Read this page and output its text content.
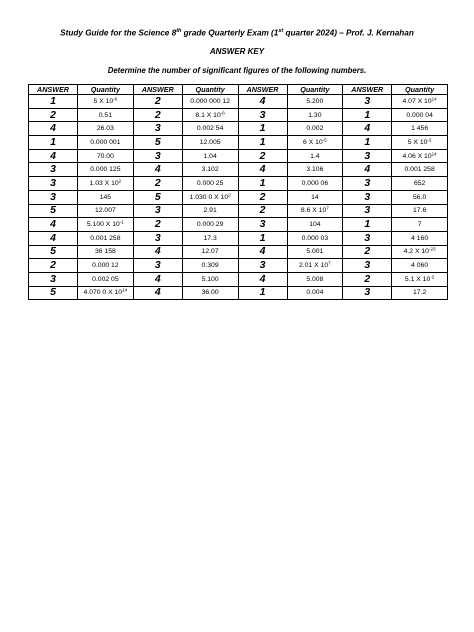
Study Guide for the Science 8th grade Quarterly Exam (1st quarter 2024) – Prof. J. Kernahan
ANSWER KEY
Determine the number of significant figures of the following numbers.
ANSWER	Quantity	ANSWER	Quantity	ANSWER	Quantity	ANSWER	Quantity
1	5 X $10^{-6}$	2	0.000 000 12	4	5.200	3	4.07 X $10^{14}$
2	0.51	2	8.1 X $10^{-6}$	3	1.30	1	0.000 04
4	26.03	3	0.002 54	1	0.002	4	1 456
1	0.000 001	5	12.005	1	6 X $10^{-5}$	1	5 X $10^{-2}$
4	70.00	3	1.04	2	1.4	3	4.06 X $10^{14}$
3	0.000 125	4	3.102	4	3.106	4	0.001 258
3	1.03 X $10^2$	2	0.000 25	1	0.000 06	3	652
3	145	5	1.030 0 X $10^2$	2	14	3	56.0
5	12.007	3	2.91	2	8.6 X $10^7$	3	17.6
4	5.100 X $10^{-1}$	2	0.000 29	3	104	1	7
4	0.001 258	3	17.3	1	0.000 03	3	4 160
5	36 158	4	12.07	4	5.001	2	4.2 X $10^{-23}$
2	0.000 12	3	0.309	3	2.01 X $10^7$	3	4 060
3	0.002 05	4	5.100	4	5.008	2	5.1 X $10^{-2}$
5	4.070 0 X $10^{14}$	4	36.00	1	0.004	3	17.2
